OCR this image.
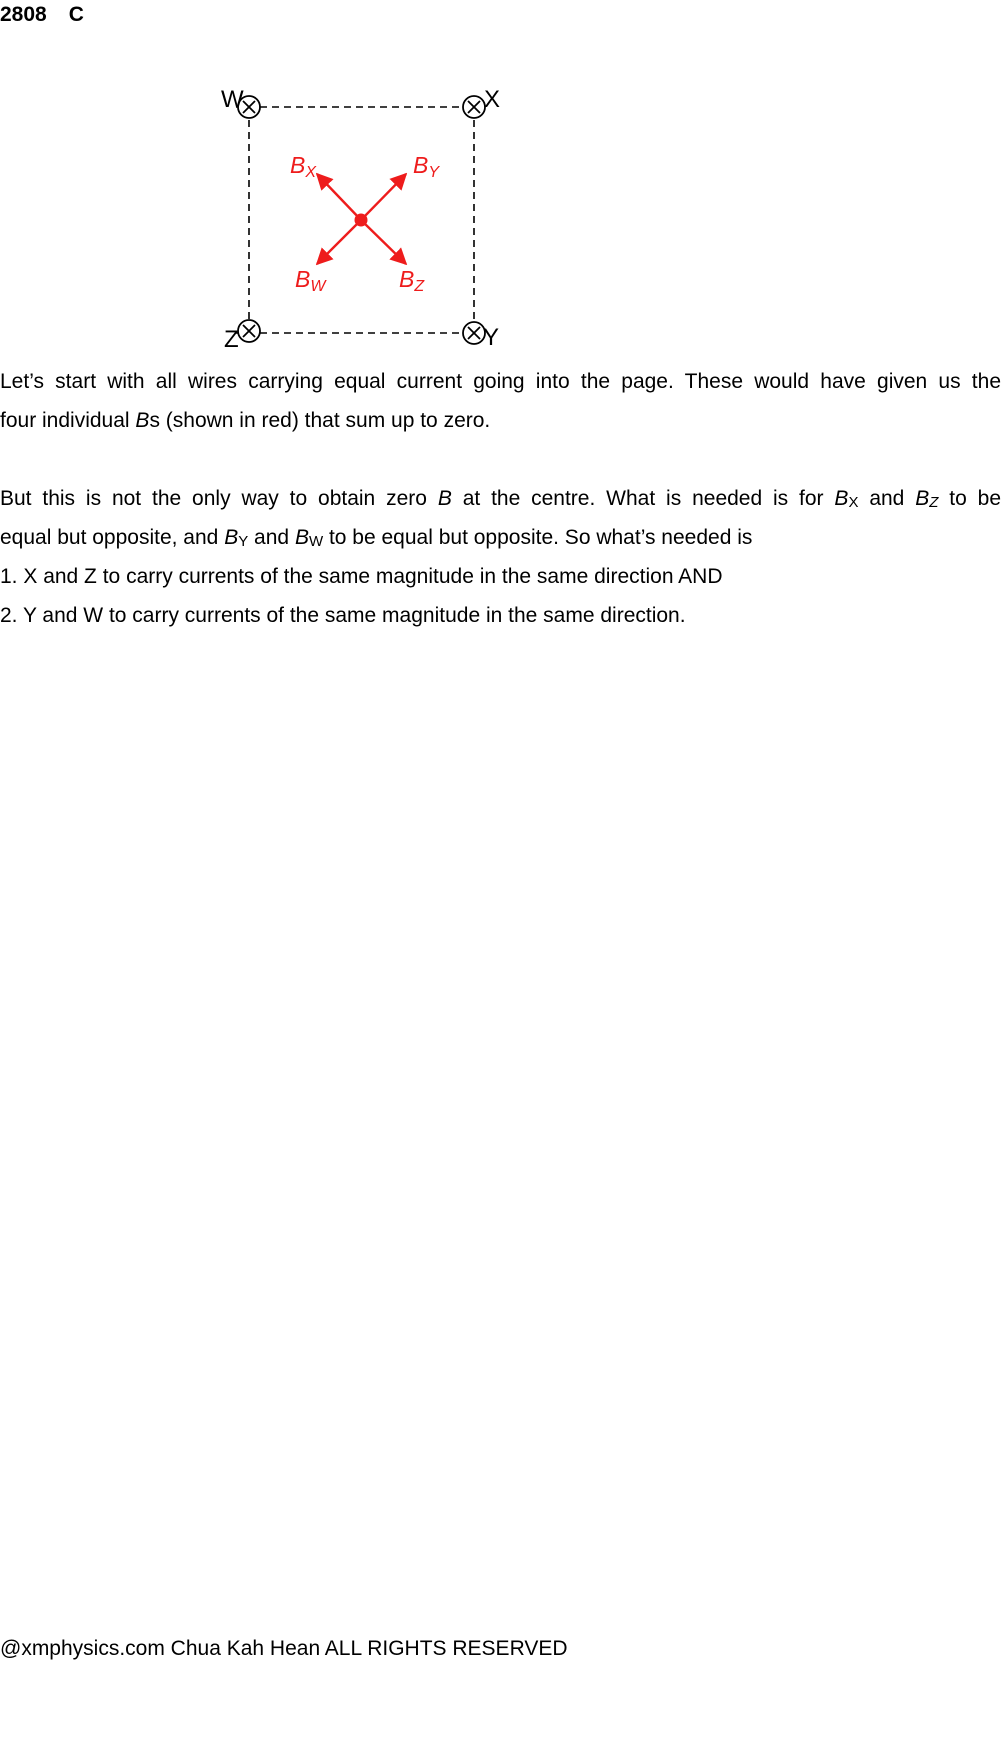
2808 C
W	X
Z	Y
BX	BY
BW	BZ
Let’s start with all wires carrying equal current going into the page. These would have given us the
four individual Bs (shown in red) that sum up to zero.
But this is not the only way to obtain zero B at the centre. What is needed is for BX and BZ to be
equal but opposite, and BY and BW to be equal but opposite. So what’s needed is
1. X and Z to carry currents of the same magnitude in the same direction AND
2. Y and W to carry currents of the same magnitude in the same direction.
@xmphysics.com Chua Kah Hean ALL RIGHTS RESERVED
